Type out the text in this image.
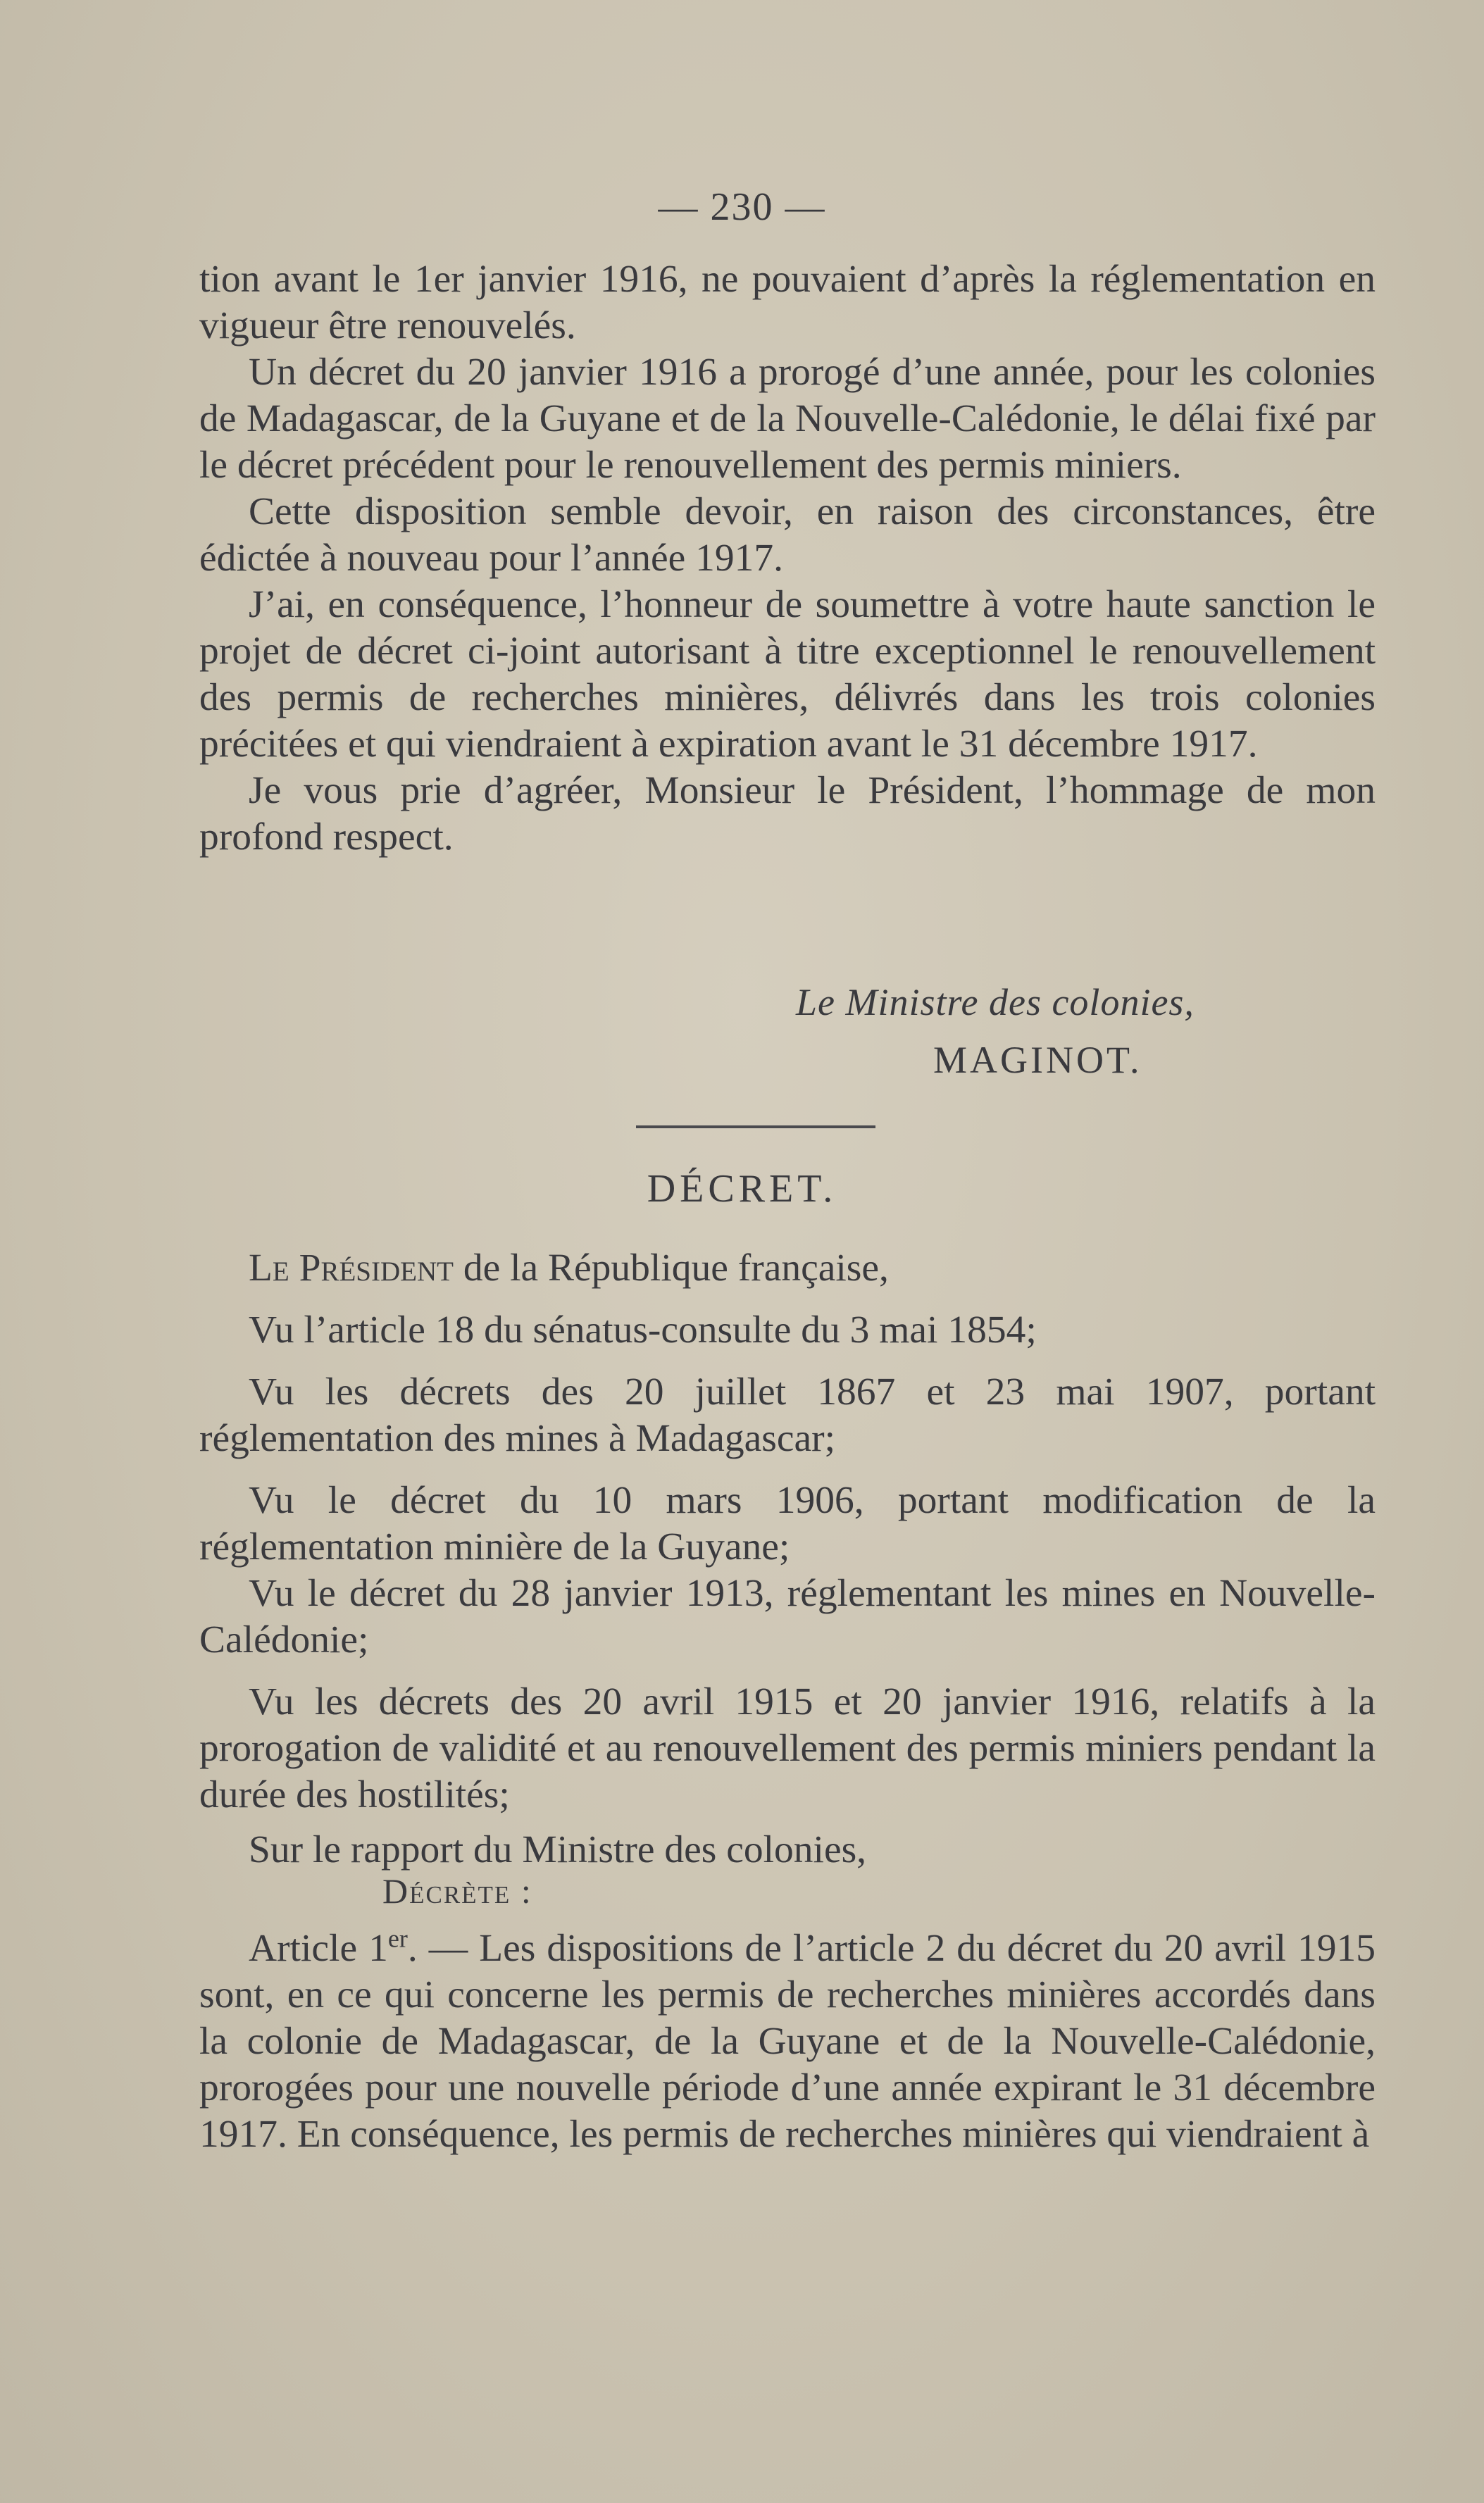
— 230 —

tion avant le 1er janvier 1916, ne pouvaient d’après la réglementation en vigueur être renouvelés.

Un décret du 20 janvier 1916 a prorogé d’une année, pour les colonies de Madagascar, de la Guyane et de la Nouvelle-Calédonie, le délai fixé par le décret précédent pour le renouvellement des permis miniers.

Cette disposition semble devoir, en raison des circonstances, être édictée à nouveau pour l’année 1917.

J’ai, en conséquence, l’honneur de soumettre à votre haute sanction le projet de décret ci-joint autorisant à titre exceptionnel le renouvellement des permis de recherches minières, délivrés dans les trois colonies précitées et qui viendraient à expiration avant le 31 décembre 1917.

Je vous prie d’agréer, Monsieur le Président, l’hommage de mon profond respect.

Le Ministre des colonies,
MAGINOT.
DÉCRET.

Le Président de la République française,

Vu l’article 18 du sénatus-consulte du 3 mai 1854;

Vu les décrets des 20 juillet 1867 et 23 mai 1907, portant réglementation des mines à Madagascar;

Vu le décret du 10 mars 1906, portant modification de la réglementation minière de la Guyane;

Vu le décret du 28 janvier 1913, réglementant les mines en Nouvelle-Calédonie;

Vu les décrets des 20 avril 1915 et 20 janvier 1916, relatifs à la prorogation de validité et au renouvellement des permis miniers pendant la durée des hostilités;

Sur le rapport du Ministre des colonies,

Décrète :

Article 1er. — Les dispositions de l’article 2 du décret du 20 avril 1915 sont, en ce qui concerne les permis de recherches minières accordés dans la colonie de Madagascar, de la Guyane et de la Nouvelle-Calédonie, prorogées pour une nouvelle période d’une année expirant le 31 décembre 1917. En conséquence, les permis de recherches minières qui viendraient à
